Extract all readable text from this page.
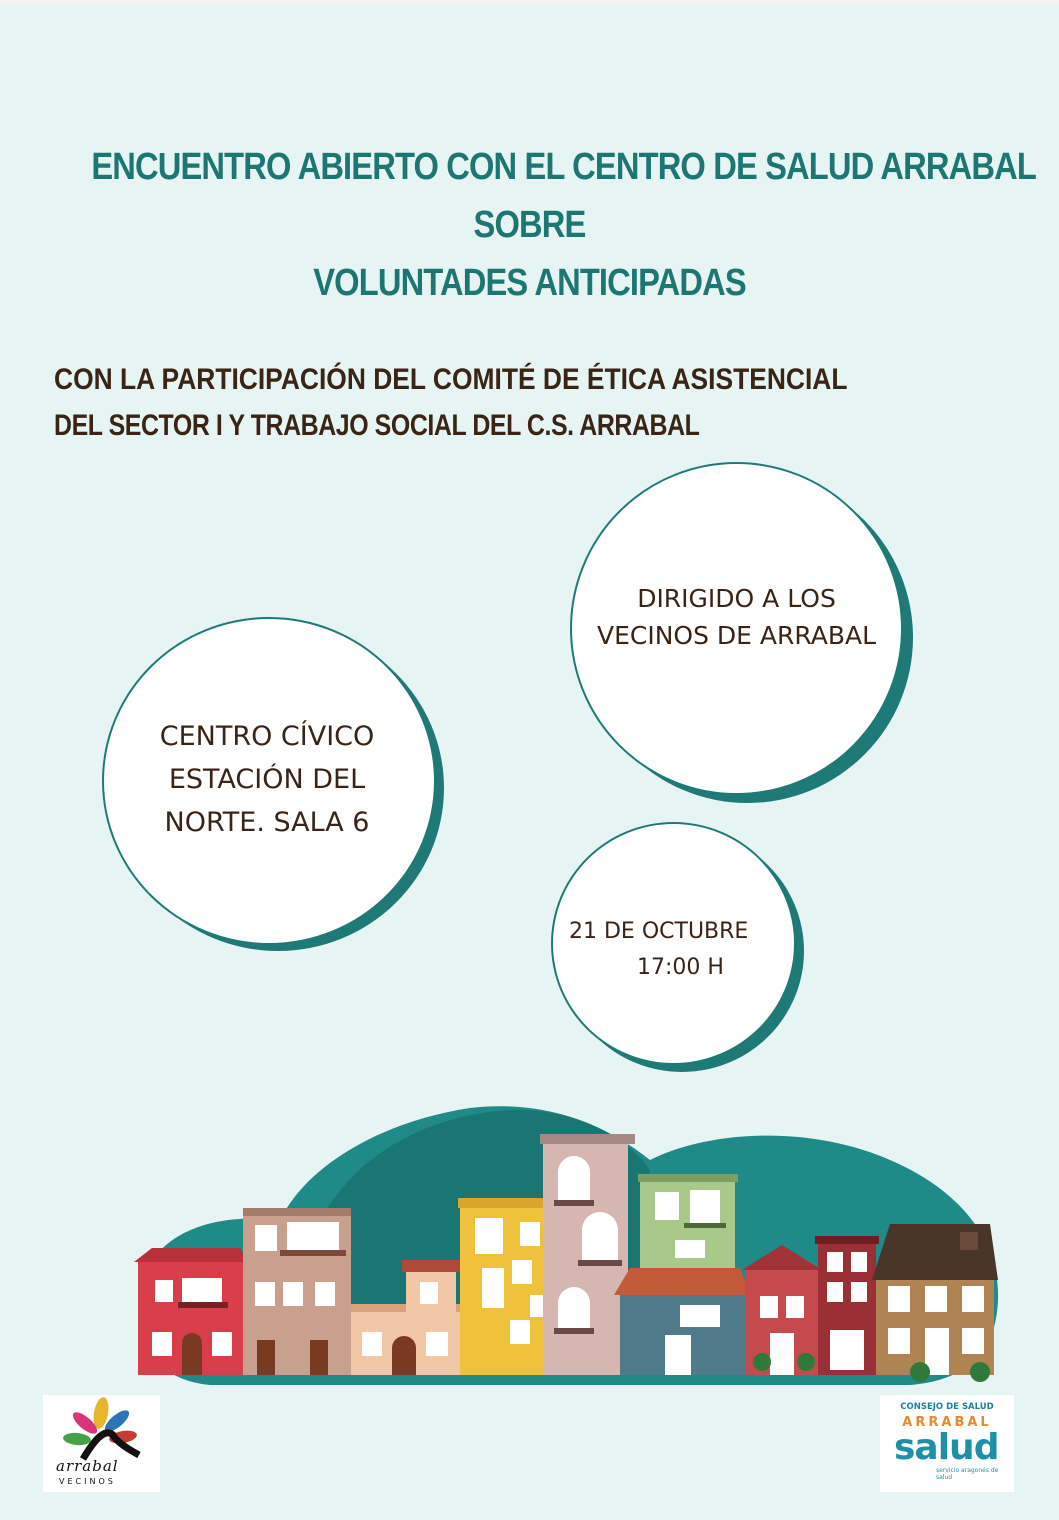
ENCUENTRO ABIERTO CON EL CENTRO DE SALUD ARRABAL
SOBRE
VOLUNTADES ANTICIPADAS
CON LA PARTICIPACIÓN DEL COMITÉ DE ÉTICA ASISTENCIAL
DEL SECTOR I Y TRABAJO SOCIAL DEL C.S. ARRABAL
DIRIGIDO A LOS
VECINOS DE ARRABAL
CENTRO CÍVICO
ESTACIÓN DEL
NORTE. SALA 6
21 DE OCTUBRE
17:00 H
arrabal
VECINOS
CONSEJO DE SALUD
ARRABAL
salud
servicio aragonés de salud
